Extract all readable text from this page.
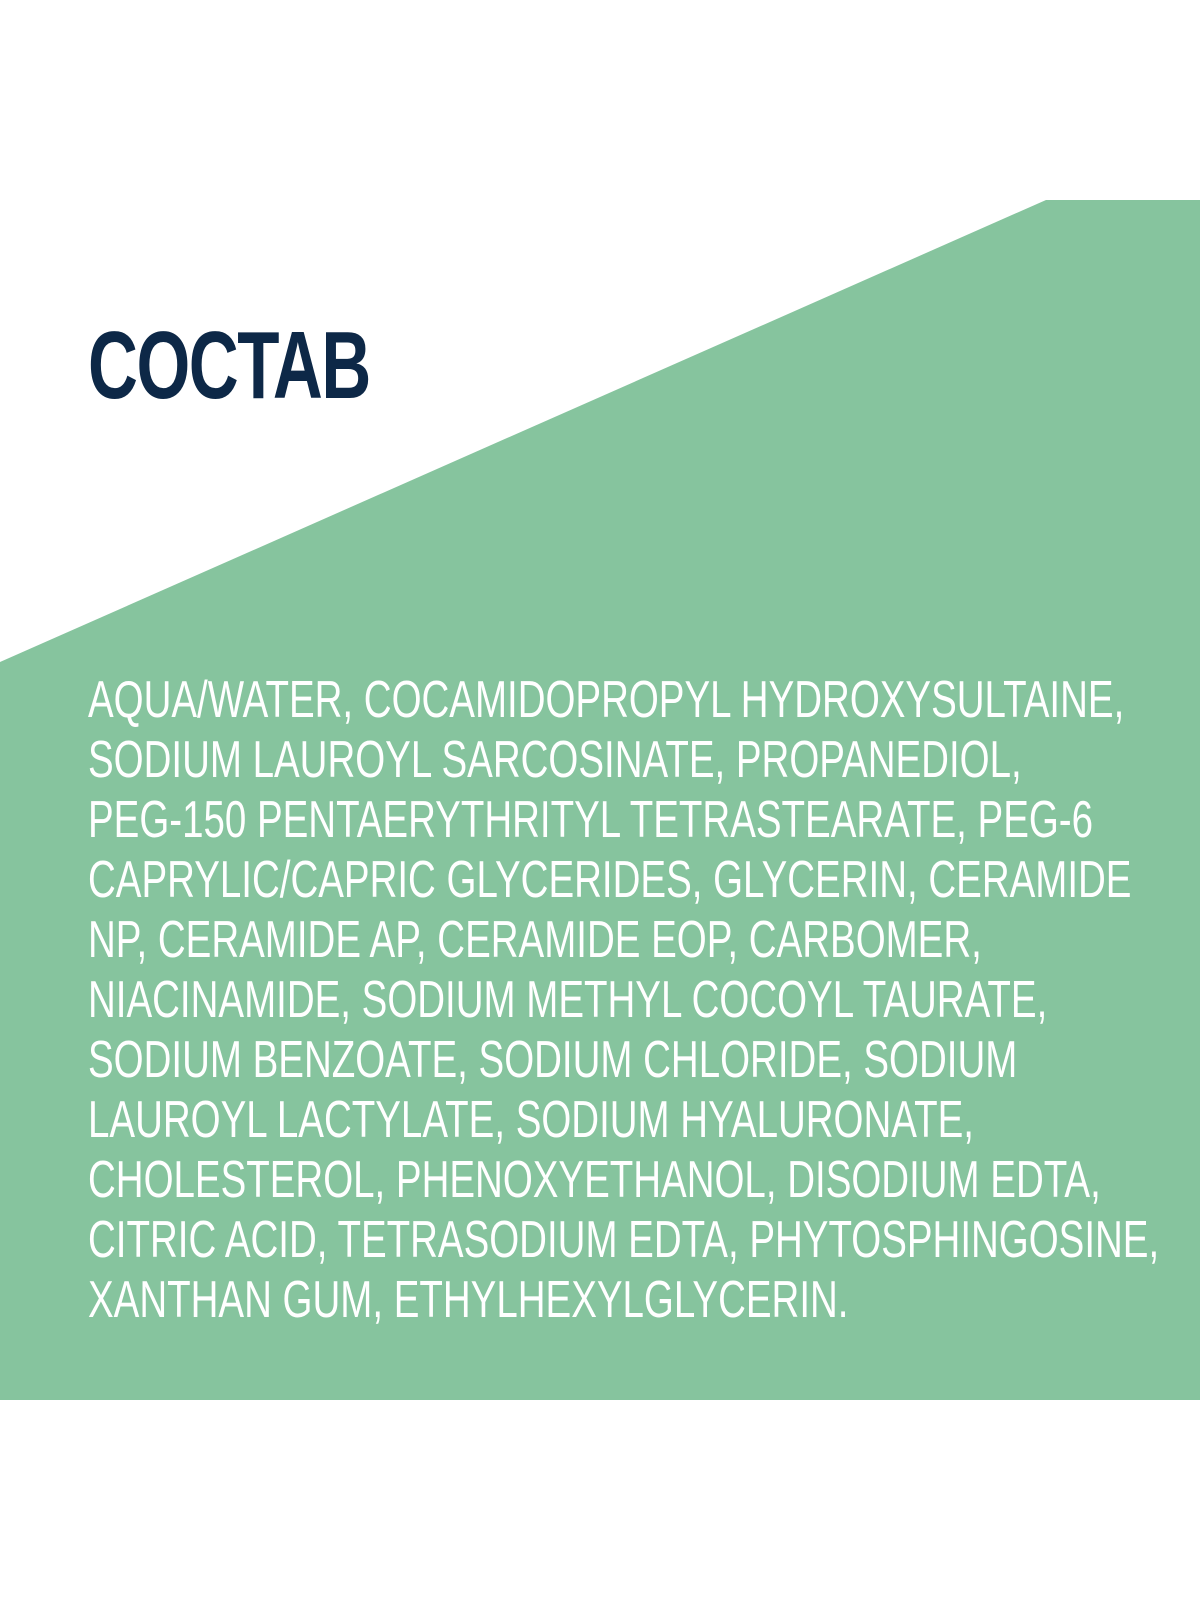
COCTAB
AQUA/WATER, COCAMIDOPROPYL HYDROXYSULTAINE,
SODIUM LAUROYL SARCOSINATE, PROPANEDIOL,
PEG-150 PENTAERYTHRITYL TETRASTEARATE, PEG-6
CAPRYLIC/CAPRIC GLYCERIDES, GLYCERIN, CERAMIDE
NP, CERAMIDE AP, CERAMIDE EOP, CARBOMER,
NIACINAMIDE, SODIUM METHYL COCOYL TAURATE,
SODIUM BENZOATE, SODIUM CHLORIDE, SODIUM
LAUROYL LACTYLATE, SODIUM HYALURONATE,
CHOLESTEROL, PHENOXYETHANOL, DISODIUM EDTA,
CITRIC ACID, TETRASODIUM EDTA, PHYTOSPHINGOSINE,
XANTHAN GUM, ETHYLHEXYLGLYCERIN.
